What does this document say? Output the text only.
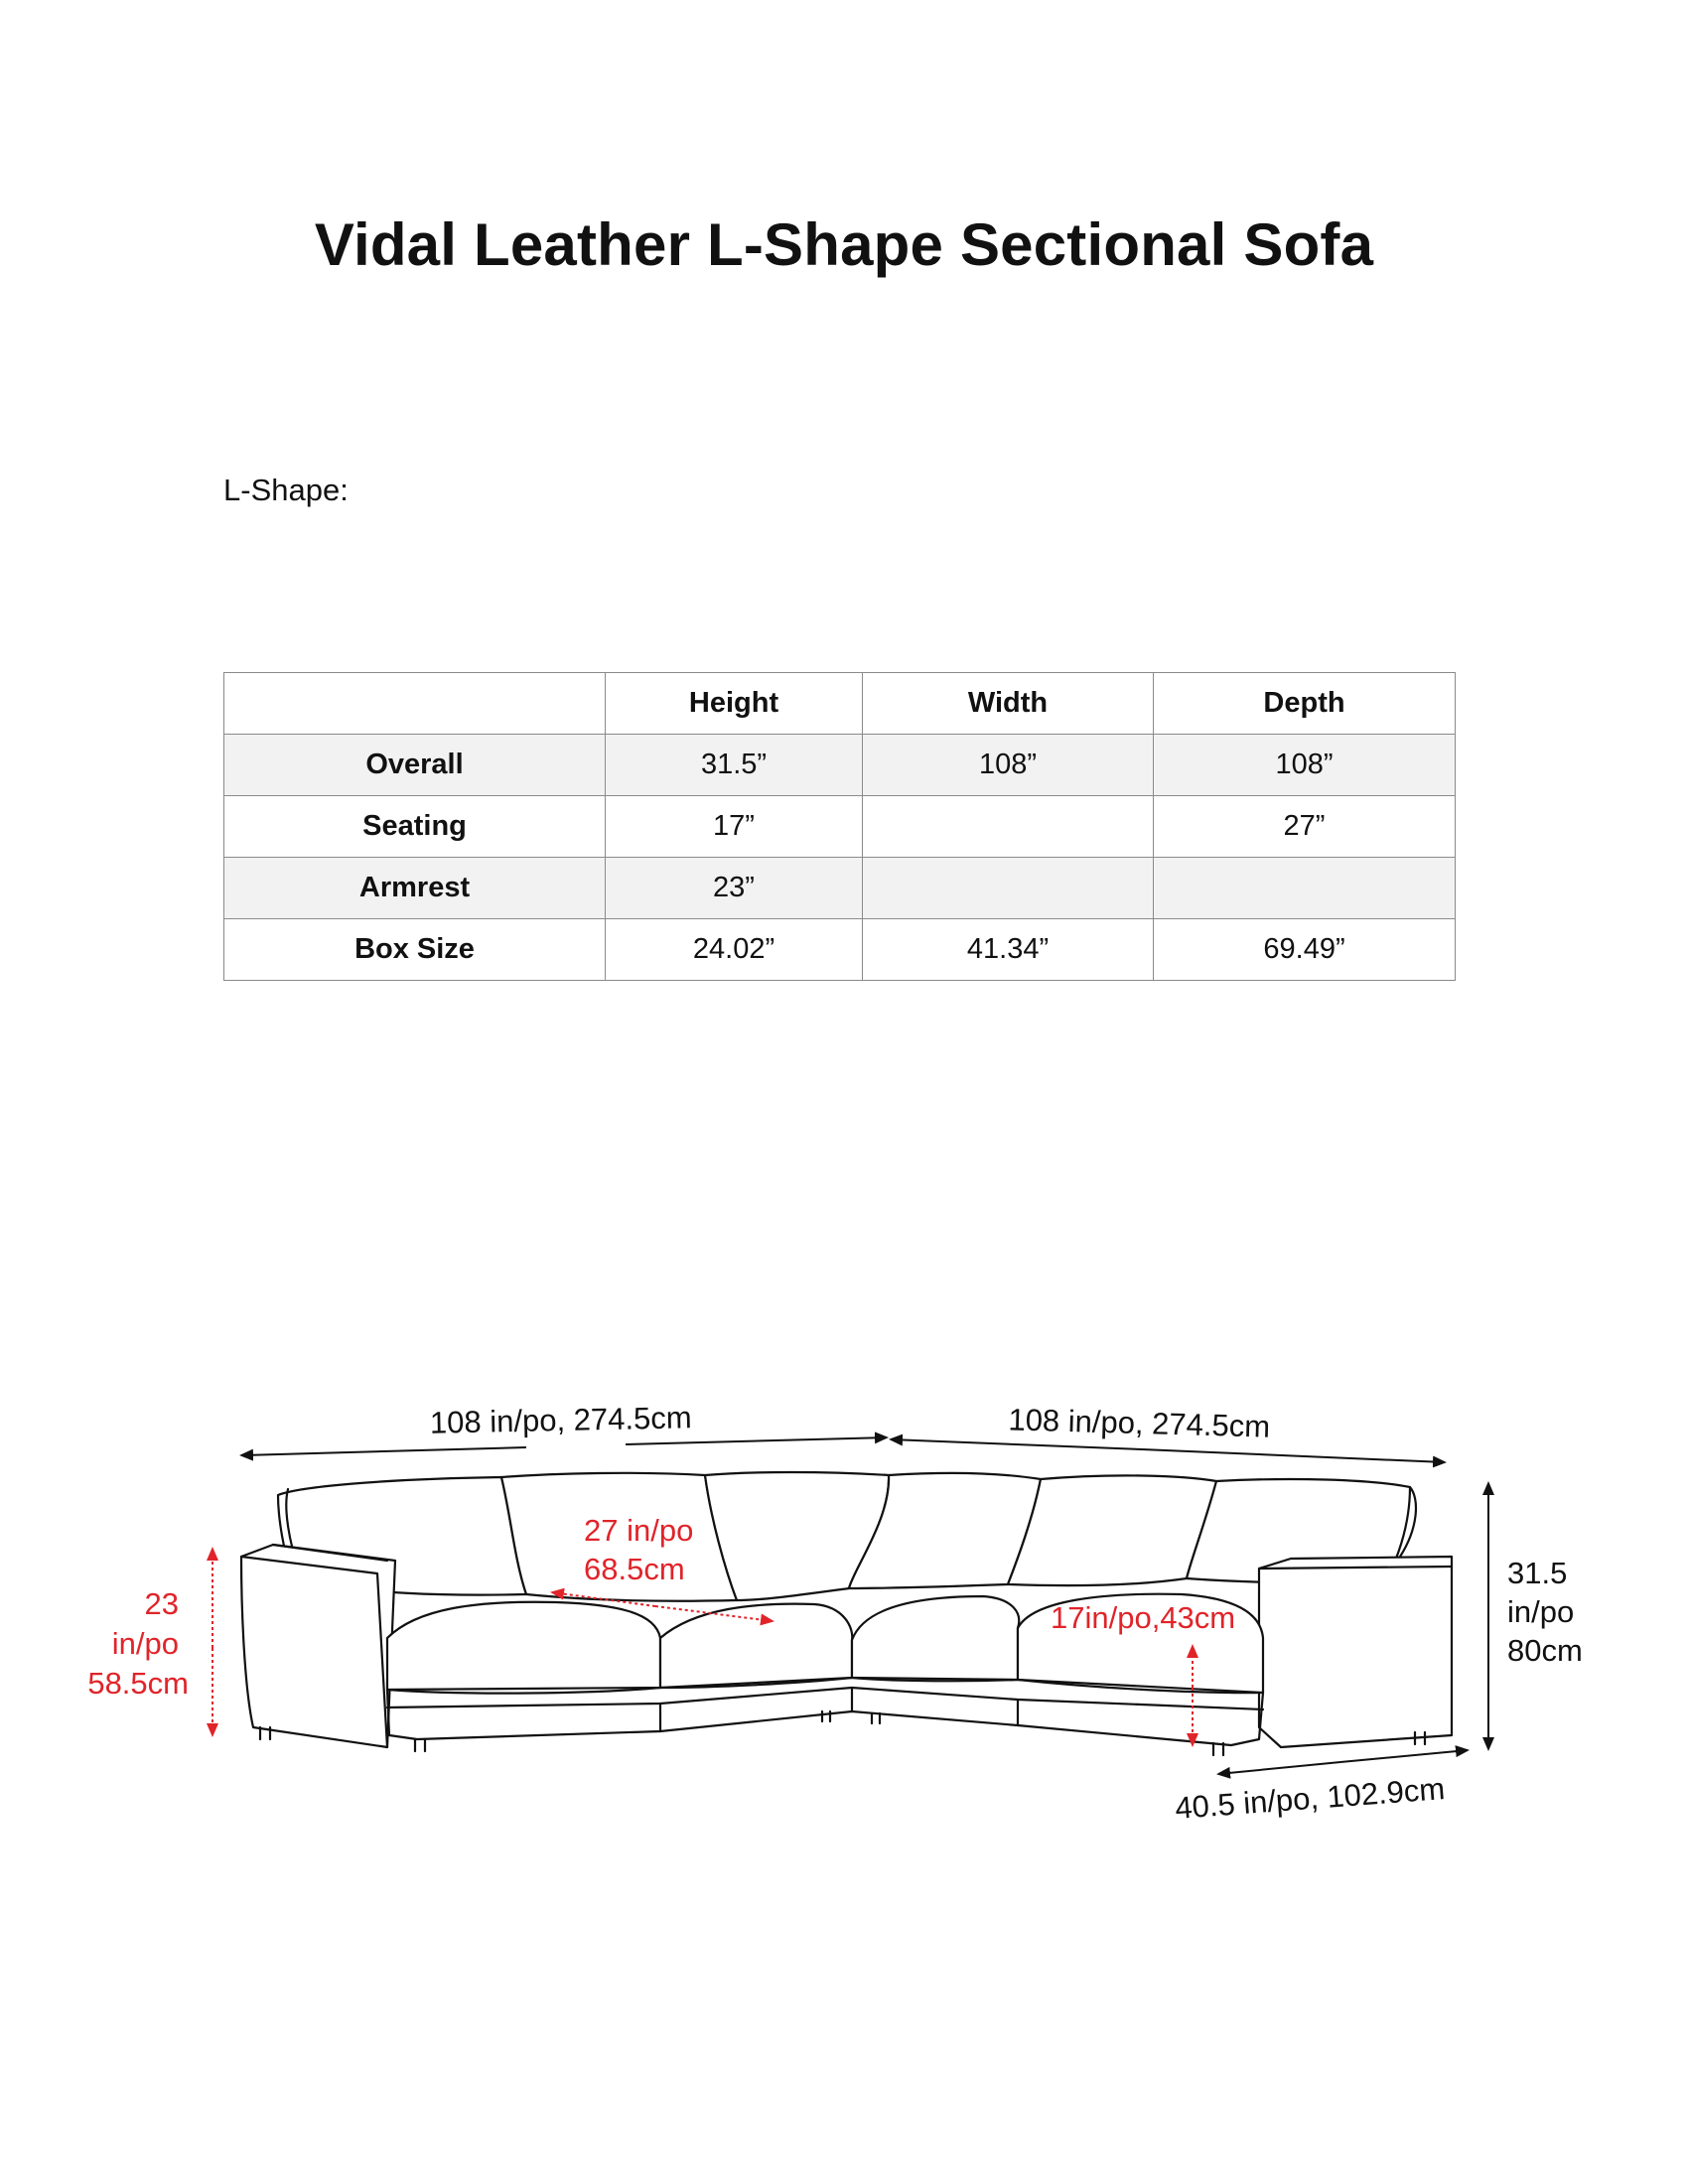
Vidal Leather L-Shape Sectional Sofa
L-Shape:
	Height	Width	Depth
Overall	31.5”	108”	108”
Seating	17”		27”
Armrest	23”		
Box Size	24.02”	41.34”	69.49”
108 in/po, 274.5cm	108 in/po, 274.5cm
31.5
in/po
80cm
23
in/po
58.5cm
27 in/po
68.5cm
17in/po,43cm
40.5 in/po, 102.9cm
